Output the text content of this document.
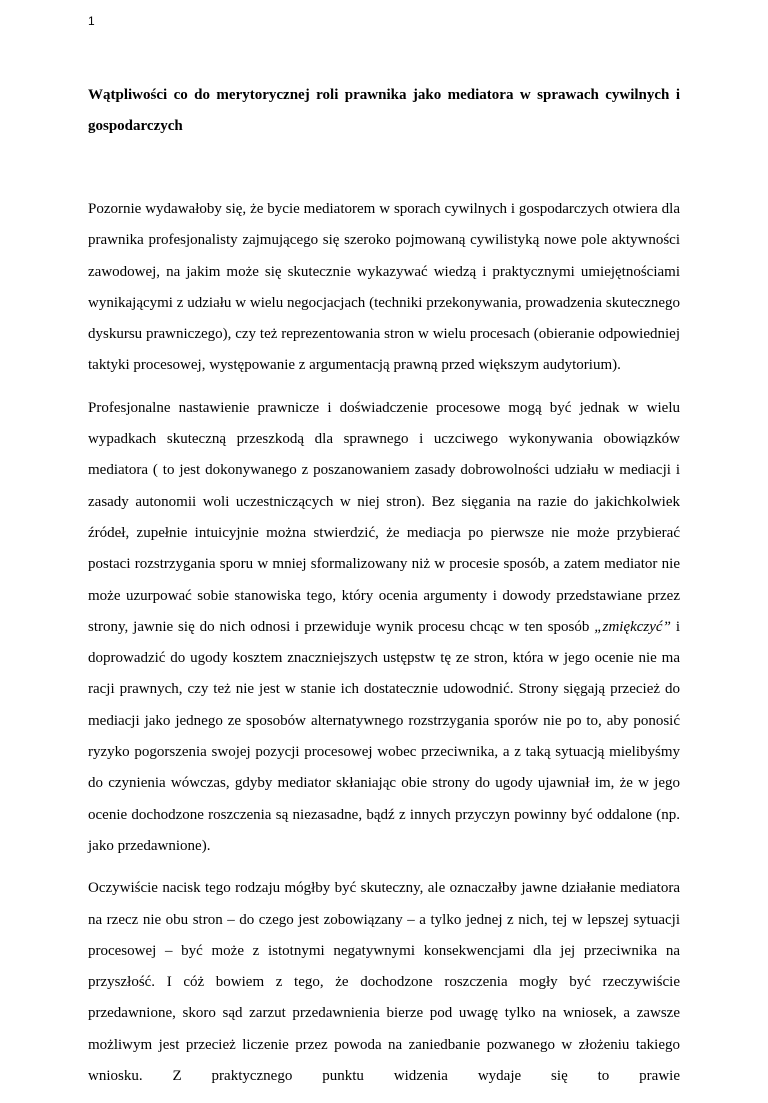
1

Wątpliwości co do merytorycznej roli prawnika jako mediatora w sprawach cywilnych i gospodarczych

Pozornie wydawałoby się, że bycie mediatorem w sporach cywilnych i gospodarczych otwiera dla prawnika profesjonalisty zajmującego się szeroko pojmowaną cywilistyką nowe pole aktywności zawodowej, na jakim może się skutecznie wykazywać wiedzą i praktycznymi umiejętnościami wynikającymi z udziału w wielu negocjacjach (techniki przekonywania, prowadzenia skutecznego dyskursu prawniczego), czy też reprezentowania stron w wielu procesach (obieranie odpowiedniej taktyki procesowej, występowanie z argumentacją prawną przed większym audytorium).

Profesjonalne nastawienie prawnicze i doświadczenie procesowe mogą być jednak w wielu wypadkach skuteczną przeszkodą dla sprawnego i uczciwego wykonywania obowiązków mediatora ( to jest dokonywanego z poszanowaniem zasady dobrowolności udziału w mediacji i zasady autonomii woli uczestniczących w niej stron). Bez sięgania na razie do jakichkolwiek źródeł, zupełnie intuicyjnie można stwierdzić, że mediacja po pierwsze nie może przybierać postaci rozstrzygania sporu w mniej sformalizowany niż w procesie sposób, a zatem mediator nie może uzurpować sobie stanowiska tego, który ocenia argumenty i dowody przedstawiane przez strony, jawnie się do nich odnosi i przewiduje wynik procesu chcąc w ten sposób „zmiękczyć” i doprowadzić do ugody kosztem znaczniejszych ustępstw tę ze stron, która w jego ocenie nie ma racji prawnych, czy też nie jest w stanie ich dostatecznie udowodnić. Strony sięgają przecież do mediacji jako jednego ze sposobów alternatywnego rozstrzygania sporów nie po to, aby ponosić ryzyko pogorszenia swojej pozycji procesowej wobec przeciwnika, a z taką sytuacją mielibyśmy do czynienia wówczas, gdyby mediator skłaniając obie strony do ugody ujawniał im, że w jego ocenie dochodzone roszczenia są niezasadne, bądź z innych przyczyn powinny być oddalone (np. jako przedawnione).

Oczywiście nacisk tego rodzaju mógłby być skuteczny, ale oznaczałby jawne działanie mediatora na rzecz nie obu stron – do czego jest zobowiązany – a tylko jednej z nich, tej w lepszej sytuacji procesowej – być może z istotnymi negatywnymi konsekwencjami dla jej przeciwnika na przyszłość. I cóż bowiem z tego, że dochodzone roszczenia mogły być rzeczywiście przedawnione, skoro sąd zarzut przedawnienia bierze pod uwagę tylko na wniosek, a zawsze możliwym jest przecież liczenie przez powoda na zaniedbanie pozwanego w złożeniu takiego wniosku. Z praktycznego punktu widzenia wydaje się to prawie
